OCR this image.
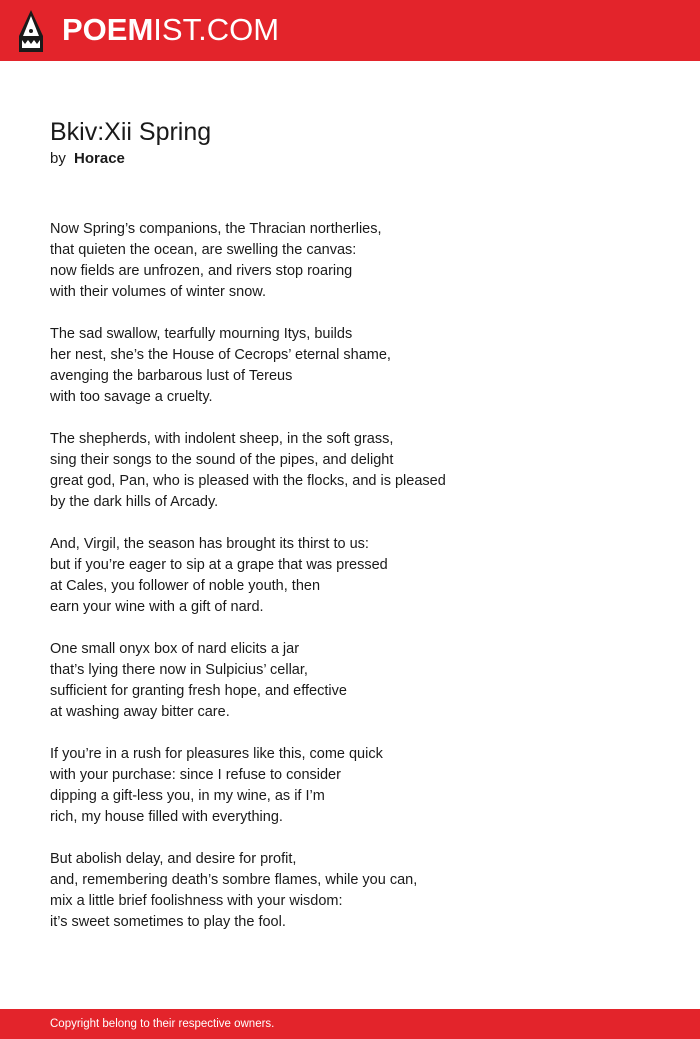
POEMIST.COM
Bkiv:Xii Spring
by Horace
Now Spring’s companions, the Thracian northerlies,
that quieten the ocean, are swelling the canvas:
now fields are unfrozen, and rivers stop roaring
with their volumes of winter snow.
The sad swallow, tearfully mourning Itys, builds
her nest, she’s the House of Cecrops’ eternal shame,
avenging the barbarous lust of Tereus
with too savage a cruelty.
The shepherds, with indolent sheep, in the soft grass,
sing their songs to the sound of the pipes, and delight
great god, Pan, who is pleased with the flocks, and is pleased
by the dark hills of Arcady.
And, Virgil, the season has brought its thirst to us:
but if you’re eager to sip at a grape that was pressed
at Cales, you follower of noble youth, then
earn your wine with a gift of nard.
One small onyx box of nard elicits a jar
that’s lying there now in Sulpicius’ cellar,
sufficient for granting fresh hope, and effective
at washing away bitter care.
If you’re in a rush for pleasures like this, come quick
with your purchase: since I refuse to consider
dipping a gift-less you, in my wine, as if I’m
rich, my house filled with everything.
But abolish delay, and desire for profit,
and, remembering death’s sombre flames, while you can,
mix a little brief foolishness with your wisdom:
it’s sweet sometimes to play the fool.
Copyright belong to their respective owners.
